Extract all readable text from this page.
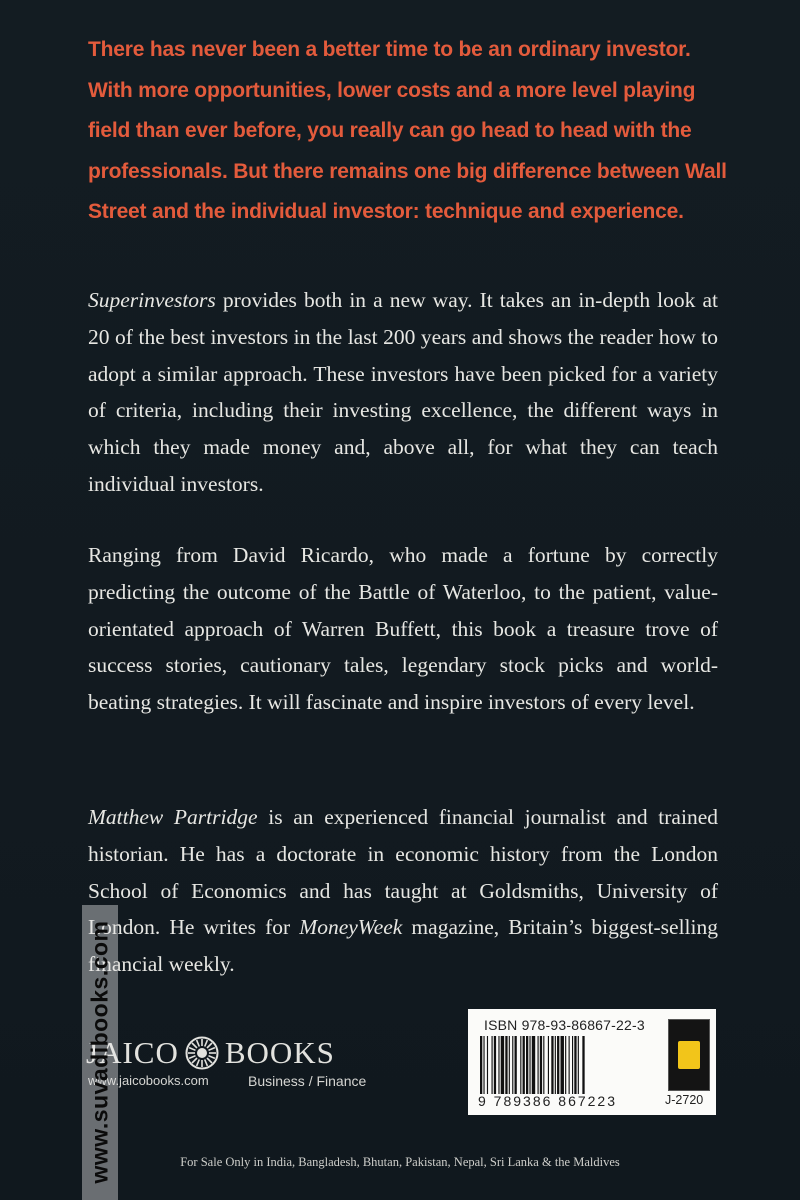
There has never been a better time to be an ordinary investor. With more opportunities, lower costs and a more level playing field than ever before, you really can go head to head with the professionals. But there remains one big difference between Wall Street and the individual investor: technique and experience.

Superinvestors provides both in a new way. It takes an in-depth look at 20 of the best investors in the last 200 years and shows the reader how to adopt a similar approach. These investors have been picked for a variety of criteria, including their investing excellence, the different ways in which they made money and, above all, for what they can teach individual investors.

Ranging from David Ricardo, who made a fortune by correctly predicting the outcome of the Battle of Waterloo, to the patient, value-orientated approach of Warren Buffett, this book a treasure trove of success stories, cautionary tales, legendary stock picks and world-beating strategies. It will fascinate and inspire investors of every level.

Matthew Partridge is an experienced financial journalist and trained historian. He has a doctorate in economic history from the London School of Economics and has taught at Goldsmiths, University of London. He writes for MoneyWeek magazine, Britain’s biggest-selling financial weekly.

JAICO BOOKS
www.jaicobooks.com	Business / Finance
ISBN 978-93-86867-22-3
9 789386 867223	J-2720
For Sale Only in India, Bangladesh, Bhutan, Pakistan, Nepal, Sri Lanka & the Maldives
www.suvadibooks.com
